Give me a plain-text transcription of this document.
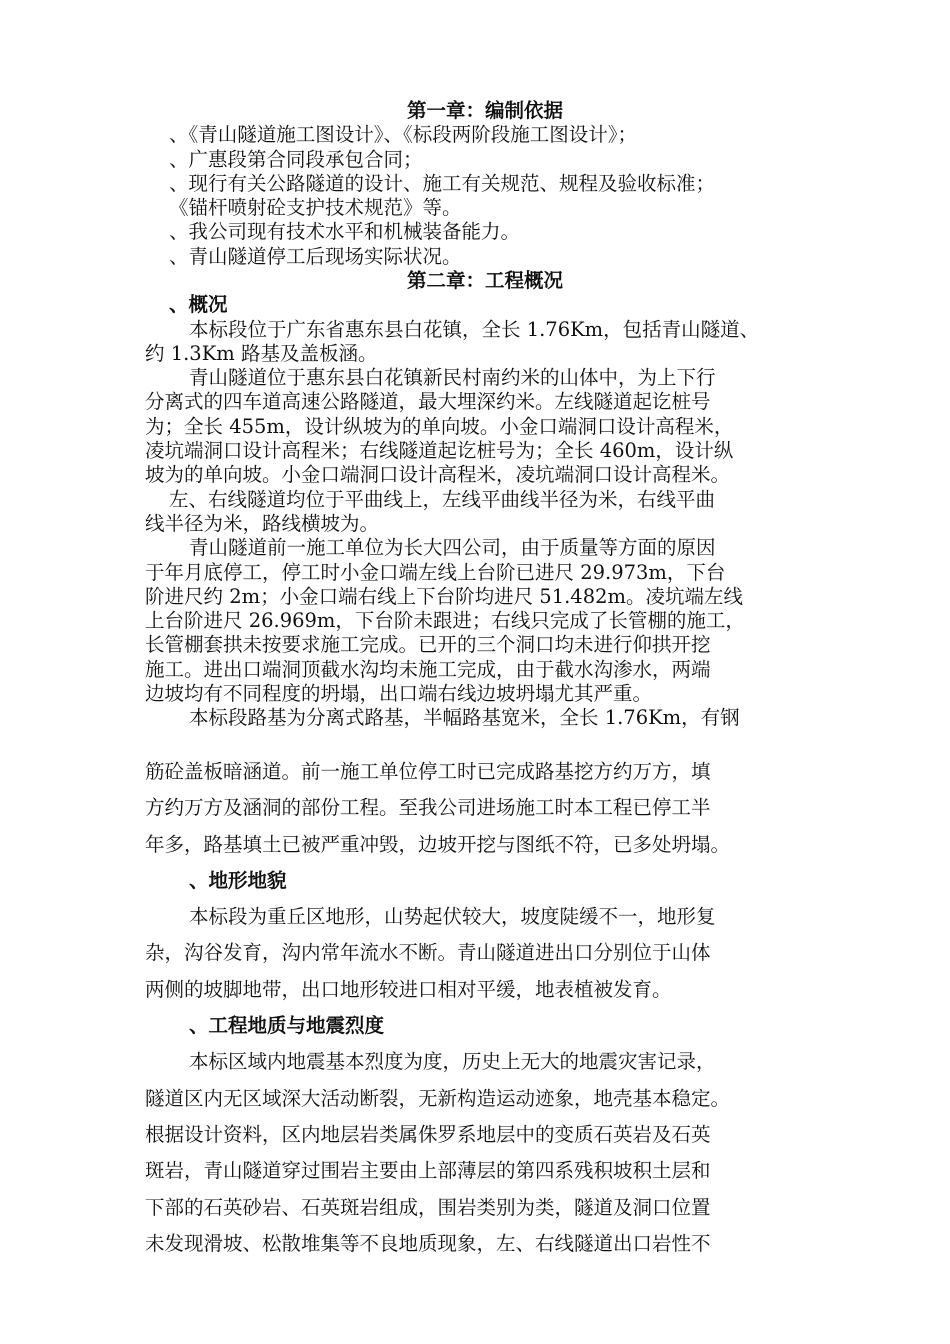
第一章：编制依据
、《青山隧道施工图设计》、《标段两阶段施工图设计》；
、广惠段第合同段承包合同；
、现行有关公路隧道的设计、施工有关规范、规程及验收标准；
《锚杆喷射砼支护技术规范》等。
、我公司现有技术水平和机械装备能力。
、青山隧道停工后现场实际状况。
第二章：工程概况
、概况
本标段位于广东省惠东县白花镇，全长 1.76Km，包括青山隧道、
约 1.3Km 路基及盖板涵。
青山隧道位于惠东县白花镇新民村南约米的山体中，为上下行
分离式的四车道高速公路隧道，最大埋深约米。左线隧道起讫桩号
为；全长 455m，设计纵坡为的单向坡。小金口端洞口设计高程米，
凌坑端洞口设计高程米；右线隧道起讫桩号为；全长 460m，设计纵
坡为的单向坡。小金口端洞口设计高程米，凌坑端洞口设计高程米。
左、右线隧道均位于平曲线上，左线平曲线半径为米，右线平曲
线半径为米，路线横坡为。
青山隧道前一施工单位为长大四公司，由于质量等方面的原因
于年月底停工，停工时小金口端左线上台阶已进尺 29.973m，下台
阶进尺约 2m；小金口端右线上下台阶均进尺 51.482m。凌坑端左线
上台阶进尺 26.969m，下台阶未跟进；右线只完成了长管棚的施工，
长管棚套拱未按要求施工完成。已开的三个洞口均未进行仰拱开挖
施工。进出口端洞顶截水沟均未施工完成，由于截水沟渗水，两端
边坡均有不同程度的坍塌，出口端右线边坡坍塌尤其严重。
本标段路基为分离式路基，半幅路基宽米，全长 1.76Km，有钢
筋砼盖板暗涵道。前一施工单位停工时已完成路基挖方约万方，填
方约万方及涵洞的部份工程。至我公司进场施工时本工程已停工半
年多，路基填土已被严重冲毁，边坡开挖与图纸不符，已多处坍塌。
、地形地貌
本标段为重丘区地形，山势起伏较大，坡度陡缓不一，地形复
杂，沟谷发育，沟内常年流水不断。青山隧道进出口分别位于山体
两侧的坡脚地带，出口地形较进口相对平缓，地表植被发育。
、工程地质与地震烈度
本标区域内地震基本烈度为度，历史上无大的地震灾害记录，
隧道区内无区域深大活动断裂，无新构造运动迹象，地壳基本稳定。
根据设计资料，区内地层岩类属侏罗系地层中的变质石英岩及石英
斑岩，青山隧道穿过围岩主要由上部薄层的第四系残积坡积土层和
下部的石英砂岩、石英斑岩组成，围岩类别为类，隧道及洞口位置
未发现滑坡、松散堆集等不良地质现象，左、右线隧道出口岩性不
